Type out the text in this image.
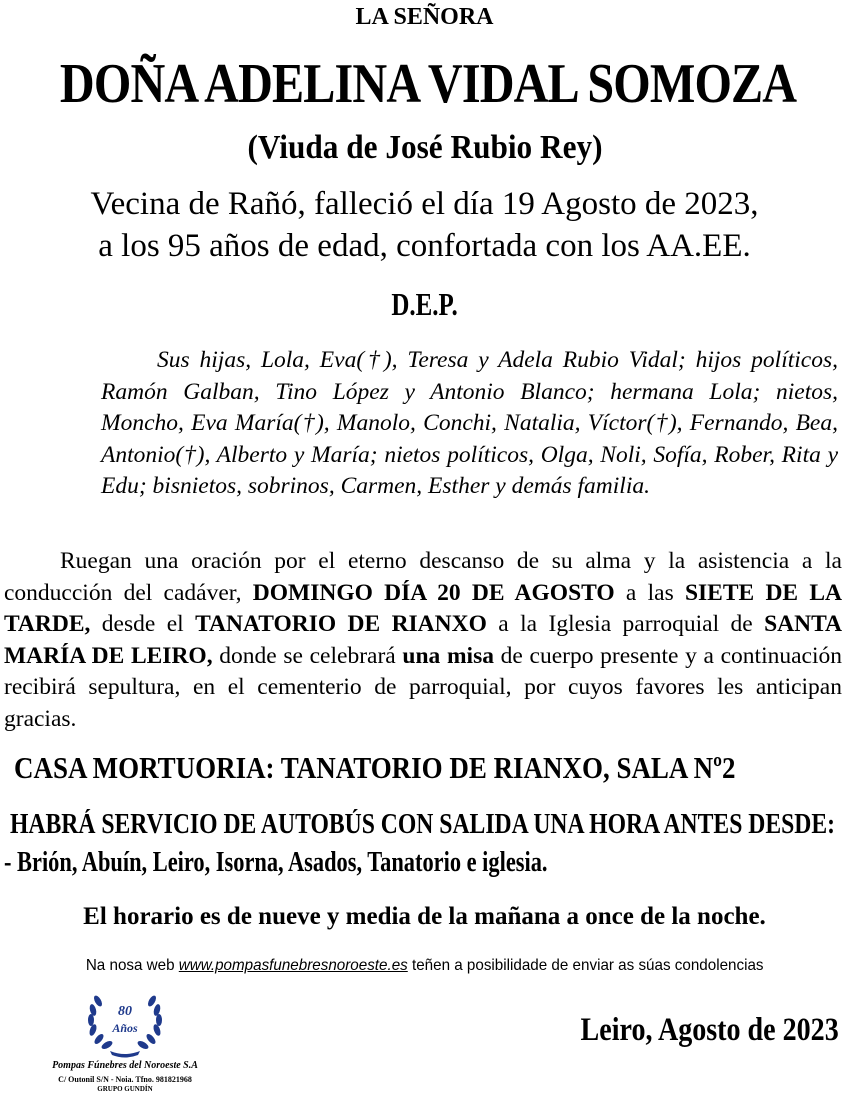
LA SEÑORA
DOÑA ADELINA VIDAL SOMOZA
(Viuda de José Rubio Rey)
Vecina de Rañó, falleció el día 19 Agosto de 2023,
a los 95 años de edad, confortada con los AA.EE.
D.E.P.
Sus hijas, Lola, Eva(†), Teresa y Adela Rubio Vidal; hijos políticos, Ramón Galban, Tino López y Antonio Blanco; hermana Lola; nietos, Moncho, Eva María(†), Manolo, Conchi, Natalia, Víctor(†), Fernando, Bea, Antonio(†), Alberto y María; nietos políticos, Olga, Noli, Sofía, Rober, Rita y Edu; bisnietos, sobrinos, Carmen, Esther y demás familia.
Ruegan una oración por el eterno descanso de su alma y la asistencia a la conducción del cadáver, DOMINGO DÍA 20 DE AGOSTO a las SIETE DE LA TARDE, desde el TANATORIO DE RIANXO a la Iglesia parroquial de SANTA MARÍA DE LEIRO, donde se celebrará una misa de cuerpo presente y a continuación recibirá sepultura, en el cementerio de parroquial, por cuyos favores les anticipan gracias.
CASA MORTUORIA: TANATORIO DE RIANXO, SALA Nº2
HABRÁ SERVICIO DE AUTOBÚS CON SALIDA UNA HORA ANTES DESDE:
- Brión, Abuín, Leiro, Isorna, Asados, Tanatorio e iglesia.
El horario es de nueve y media de la mañana a once de la noche.
Na nosa web www.pompasfunebresnoroeste.es teñen a posibilidade de enviar as súas condolencias
80
Años
Pompas Fúnebres del Noroeste S.A
C/ Outonil S/N - Noia. Tfno. 981821968
GRUPO GUNDÍN
Leiro, Agosto de 2023
